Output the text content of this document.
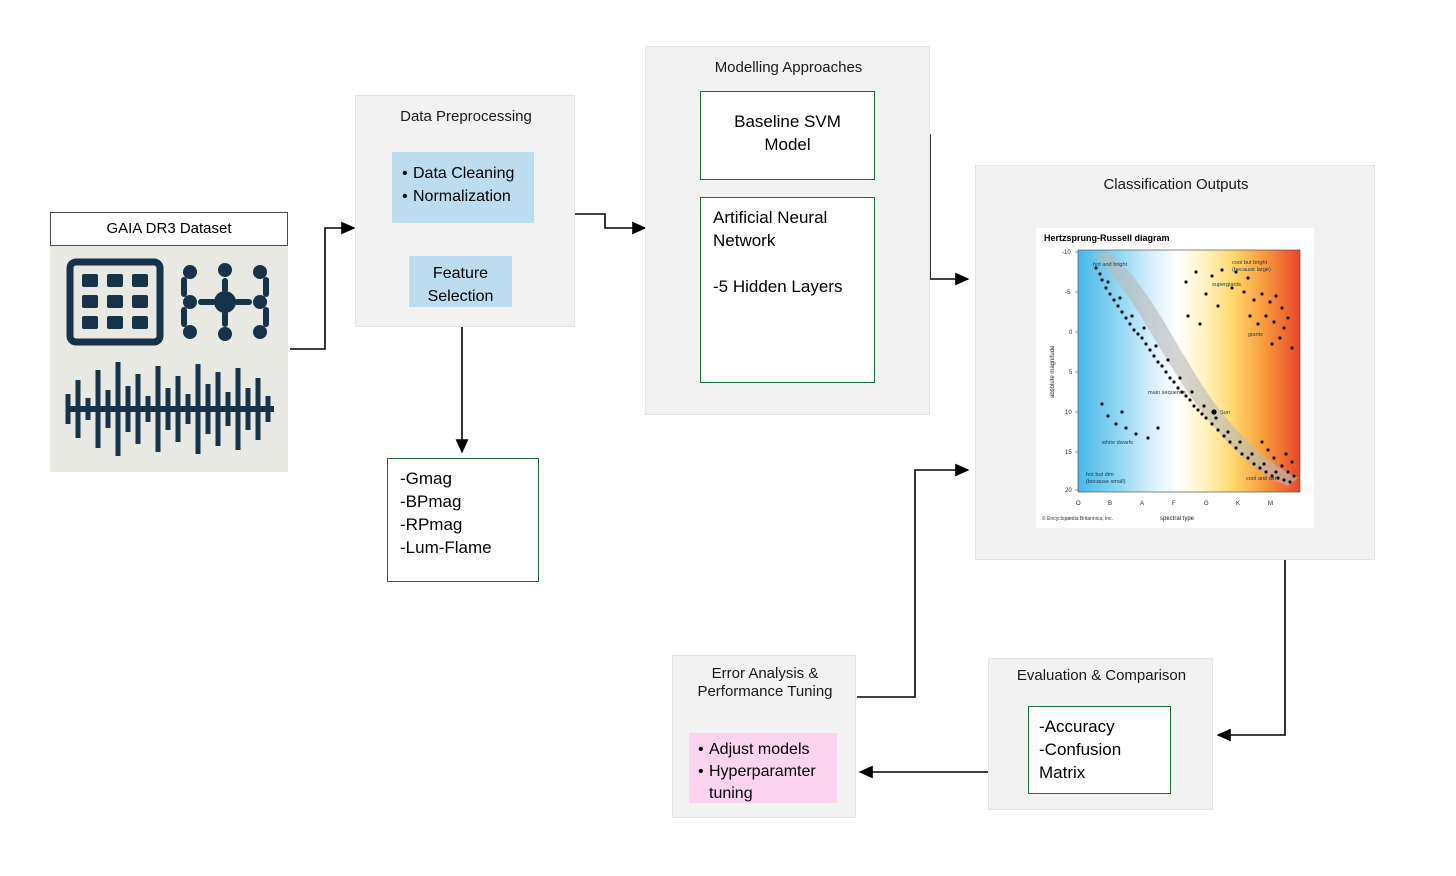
GAIA DR3 Dataset
Data Preprocessing
• Data Cleaning
• Normalization
Feature
Selection
-Gmag
-BPmag
-RPmag
-Lum-Flame
Modelling Approaches
Baseline SVM
Model
Artificial Neural
Network
-5 Hidden Layers
Classification Outputs
Hertzsprung-Russell diagram
-10
-5
0
5
10
15
20
O	B	A	F	G	K	M
hot and bright	cool but bright
(because large)
supergiants
giants
main sequence
Sun
white dwarfs
hot but dim
(because small)	cool and dim
absolute magnitude
spectral type
© Encyclopædia Britannica, Inc.
Evaluation & Comparison
-Accuracy
-Confusion
Matrix
Error Analysis &
Performance Tuning
• Adjust models
• Hyperparamter
tuning
